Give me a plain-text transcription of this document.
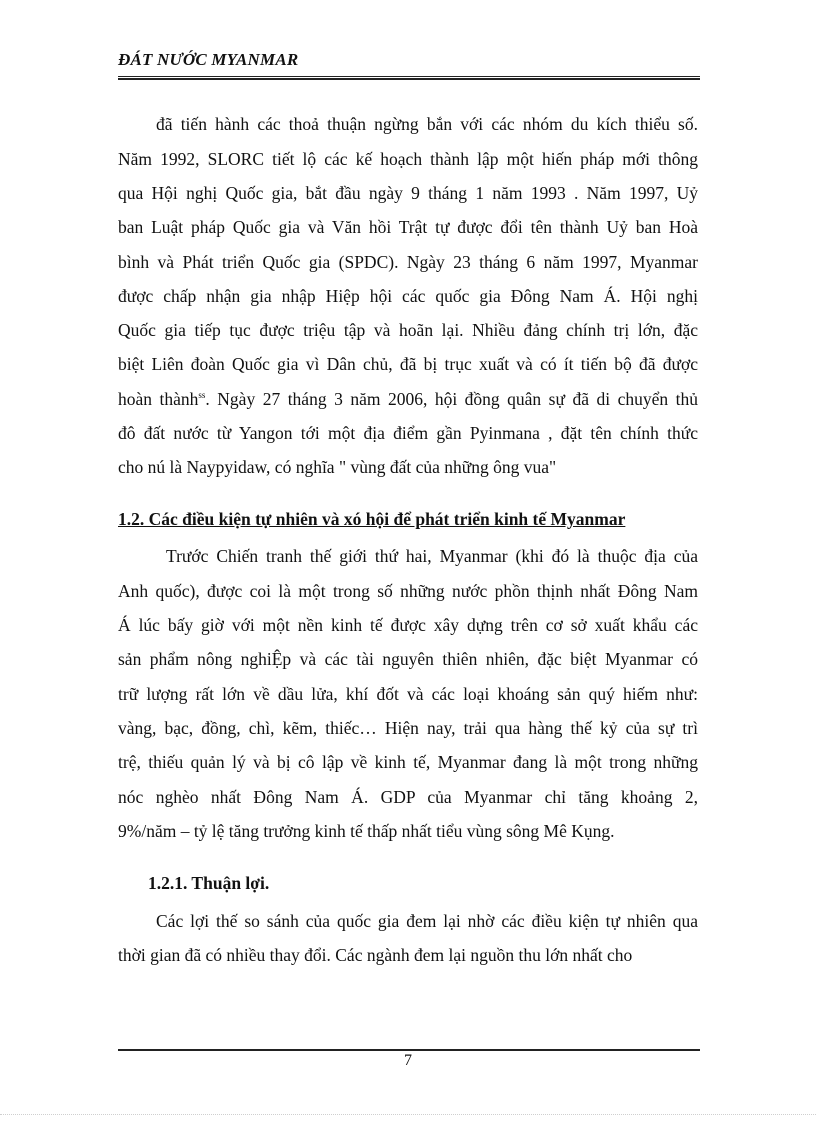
ĐÁT NƯỚC MYANMAR
đã tiến hành các thoả thuận ngừng bắn với các nhóm du kích thiểu số.
Năm 1992, SLORC tiết lộ các kế hoạch thành lập một hiến pháp mới thông
qua Hội nghị Quốc gia, bắt đầu ngày 9 tháng 1 năm 1993 . Năm 1997, Uỷ
ban Luật pháp Quốc gia và Văn hồi Trật tự được đổi tên thành Uỷ ban Hoà
bình và Phát triển Quốc gia (SPDC). Ngày 23 tháng 6 năm 1997, Myanmar
được chấp nhận gia nhập Hiệp hội các quốc gia Đông Nam Á. Hội nghị
Quốc gia tiếp tục được triệu tập và hoãn lại. Nhiều đảng chính trị lớn, đặc
biệt Liên đoàn Quốc gia vì Dân chủ, đã bị trục xuất và có ít tiến bộ đã được
hoàn thành$^{ss}$. Ngày 27 tháng 3 năm 2006, hội đồng quân sự đã di chuyển thủ
đô đất nước từ Yangon tới một địa điểm gần Pyinmana , đặt tên chính thức
cho nú là Naypyidaw, có nghĩa " vùng đất của những ông vua"
1.2. Các điều kiện tự nhiên và xó hội để phát triển kinh tế Myanmar
Trước Chiến tranh thế giới thứ hai, Myanmar (khi đó là thuộc địa của
Anh quốc), được coi là một trong số những nước phồn thịnh nhất Đông Nam
Á lúc bấy giờ với một nền kinh tế được xây dựng trên cơ sở xuất khẩu các
sản phẩm nông nghiỆp và các tài nguyên thiên nhiên, đặc biệt Myanmar có
trữ lượng rất lớn về dầu lửa, khí đốt và các loại khoáng sản quý hiếm như:
vàng, bạc, đồng, chì, kẽm, thiếc… Hiện nay, trải qua hàng thế kỷ của sự trì
trệ, thiếu quản lý và bị cô lập về kinh tế, Myanmar đang là một trong những
nóc nghèo nhất Đông Nam Á. GDP của Myanmar chỉ tăng khoảng 2,
9%/năm – tỷ lệ tăng trưởng kinh tế thấp nhất tiểu vùng sông Mê Kụng.
1.2.1. Thuận lợi.
Các lợi thế so sánh của quốc gia đem lại nhờ các điều kiện tự nhiên qua
thời gian đã có nhiều thay đổi. Các ngành đem lại nguồn thu lớn nhất cho
7
